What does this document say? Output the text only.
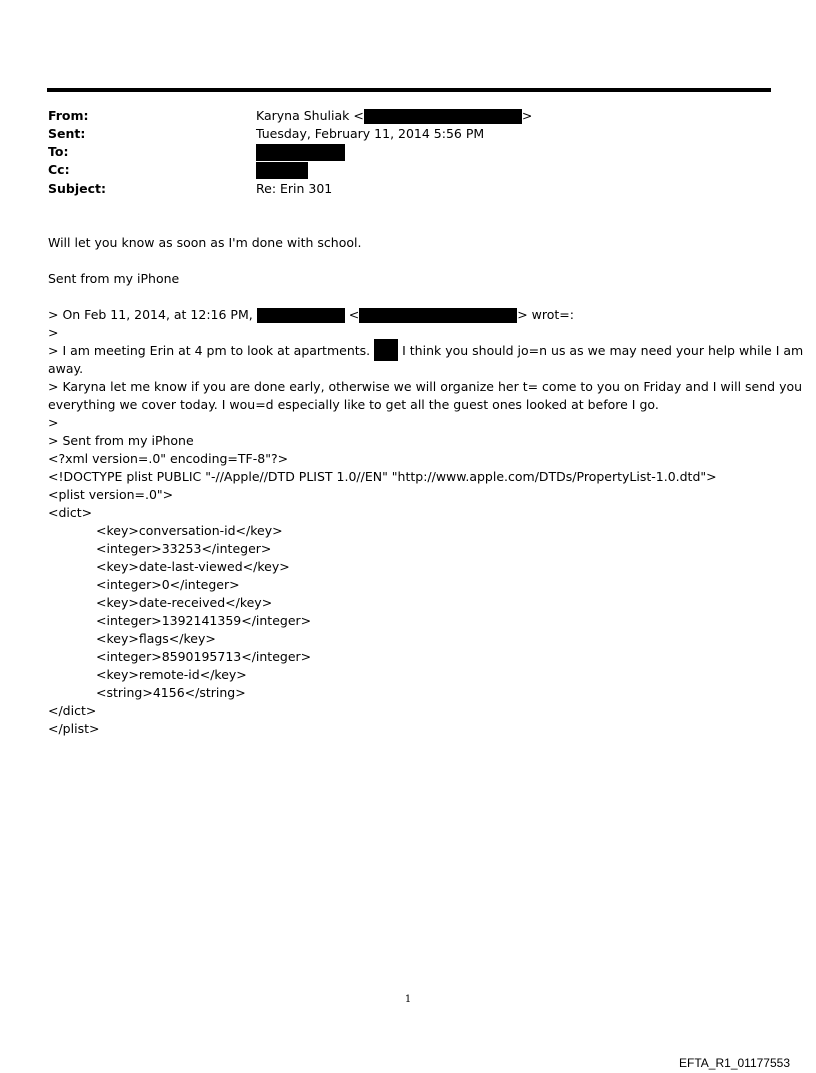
From:	Karyna Shuliak <	>
Sent:	Tuesday, February 11, 2014 5:56 PM
To:
Cc:
Subject:	Re: Erin 301
Will let you know as soon as I'm done with school.
Sent from my iPhone
> On Feb 11, 2014, at 12:16 PM,	<	> wrot=:
>
> I am meeting Erin at 4 pm to look at apartments.	I think you should jo=n us as we may need your help while I am
away.
> Karyna let me know if you are done early, otherwise we will organize her t= come to you on Friday and I will send you
everything we cover today. I wou=d especially like to get all the guest ones looked at before I go.
>
> Sent from my iPhone
<?xml version=.0" encoding=TF-8"?>
<!DOCTYPE plist PUBLIC "-//Apple//DTD PLIST 1.0//EN" "http://www.apple.com/DTDs/PropertyList-1.0.dtd">
<plist version=.0">
<dict>
<key>conversation-id</key>
<integer>33253</integer>
<key>date-last-viewed</key>
<integer>0</integer>
<key>date-received</key>
<integer>1392141359</integer>
<key>flags</key>
<integer>8590195713</integer>
<key>remote-id</key>
<string>4156</string>
</dict>
</plist>
1
EFTA_R1_01177553
